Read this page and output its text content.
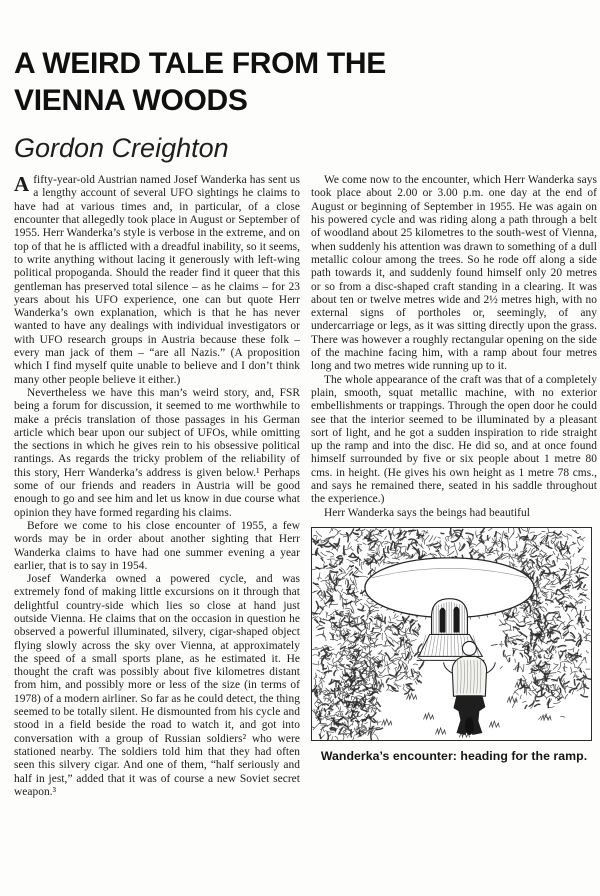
A WEIRD TALE FROM THE
VIENNA WOODS
Gordon Creighton

Afifty-year-old Austrian named Josef Wanderka has sent us a lengthy account of several UFO sightings he claims to have had at various times and, in particular, of a close encounter that allegedly took place in August or September of 1955. Herr Wanderka’s style is verbose in the extreme, and on top of that he is afflicted with a dreadful inability, so it seems, to write anything without lacing it generously with left-wing political propoganda. Should the reader find it queer that this gentleman has preserved total silence – as he claims – for 23 years about his UFO experience, one can but quote Herr Wanderka’s own explanation, which is that he has never wanted to have any dealings with individual investigators or with UFO research groups in Austria because these folk – every man jack of them – “are all Nazis.” (A proposition which I find myself quite unable to believe and I don’t think many other people believe it either.)

Nevertheless we have this man’s weird story, and, FSR being a forum for discussion, it seemed to me worthwhile to make a précis translation of those passages in his German article which bear upon our subject of UFOs, while omitting the sections in which he gives rein to his obsessive political rantings. As regards the tricky problem of the reliability of this story, Herr Wanderka’s address is given below.¹ Perhaps some of our friends and readers in Austria will be good enough to go and see him and let us know in due course what opinion they have formed regarding his claims.

Before we come to his close encounter of 1955, a few words may be in order about another sighting that Herr Wanderka claims to have had one summer evening a year earlier, that is to say in 1954.

Josef Wanderka owned a powered cycle, and was extremely fond of making little excursions on it through that delightful country-side which lies so close at hand just outside Vienna. He claims that on the occasion in question he observed a powerful illuminated, silvery, cigar-shaped object flying slowly across the sky over Vienna, at approximately the speed of a small sports plane, as he estimated it. He thought the craft was possibly about five kilometres distant from him, and possibly more or less of the size (in terms of 1978) of a modern airliner. So far as he could detect, the thing seemed to be totally silent. He dismounted from his cycle and stood in a field beside the road to watch it, and got into conversation with a group of Russian soldiers² who were stationed nearby. The soldiers told him that they had often seen this silvery cigar. And one of them, “half seriously and half in jest,” added that it was of course a new Soviet secret weapon.³

We come now to the encounter, which Herr Wanderka says took place about 2.00 or 3.00 p.m. one day at the end of August or beginning of September in 1955. He was again on his powered cycle and was riding along a path through a belt of woodland about 25 kilometres to the south-west of Vienna, when suddenly his attention was drawn to something of a dull metallic colour among the trees. So he rode off along a side path towards it, and suddenly found himself only 20 metres or so from a disc-shaped craft standing in a clearing. It was about ten or twelve metres wide and 2½ metres high, with no external signs of portholes or, seemingly, of any undercarriage or legs, as it was sitting directly upon the grass. There was however a roughly rectangular opening on the side of the machine facing him, with a ramp about four metres long and two metres wide running up to it.

The whole appearance of the craft was that of a completely plain, smooth, squat metallic machine, with no exterior embellishments or trappings. Through the open door he could see that the interior seemed to be illuminated by a pleasant sort of light, and he got a sudden inspiration to ride straight up the ramp and into the disc. He did so, and at once found himself surrounded by five or six people about 1 metre 80 cms. in height. (He gives his own height as 1 metre 78 cms., and says he remained there, seated in his saddle throughout the experience.)

Herr Wanderka says the beings had beautiful

Wanderka’s encounter: heading for the ramp.
